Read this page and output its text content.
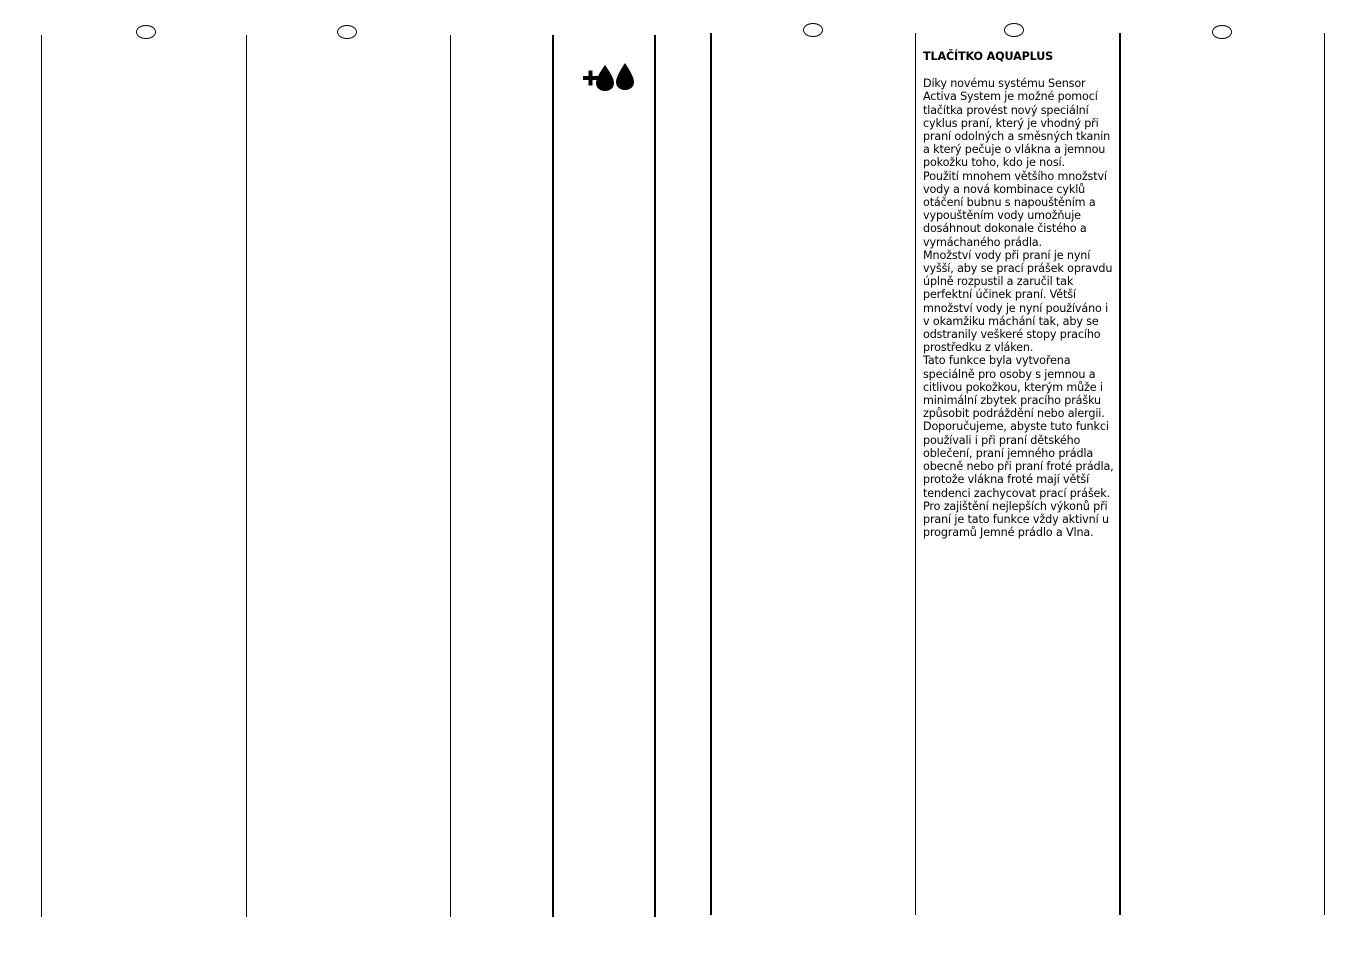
TLAČÍTKO AQUAPLUS

Díky novému systému Sensor Activa System je možné pomocí tlačítka provést nový speciální cyklus praní, který je vhodný při praní odolných a směsných tkanin a který pečuje o vlákna a jemnou pokožku toho, kdo je nosí.

Použití mnohem většího množství vody a nová kombinace cyklů otáčení bubnu s napouštěním a vypouštěním vody umožňuje dosáhnout dokonale čistého a vymáchaného prádla.

Množství vody při praní je nyní vyšší, aby se prací prášek opravdu úplně rozpustil a zaručil tak perfektní účinek praní. Větší množství vody je nyní používáno i v okamžiku máchání tak, aby se odstranily veškeré stopy pracího prostředku z vláken.

Tato funkce byla vytvořena speciálně pro osoby s jemnou a citlivou pokožkou, kterým může i minimální zbytek pracího prášku způsobit podráždění nebo alergii.

Doporučujeme, abyste tuto funkci používali i při praní dětského oblečení, praní jemného prádla obecně nebo při praní froté prádla, protože vlákna froté mají větší tendenci zachycovat prací prášek.

Pro zajištění nejlepších výkonů při praní je tato funkce vždy aktivní u programů Jemné prádlo a Vlna.
